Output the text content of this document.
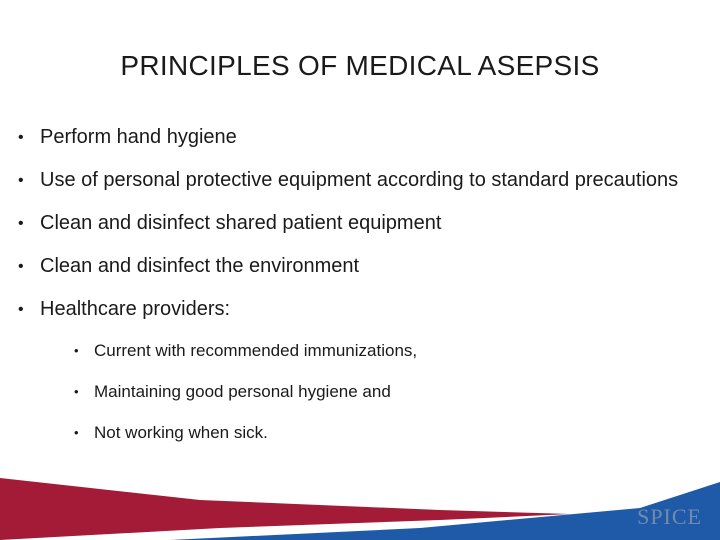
PRINCIPLES OF MEDICAL ASEPSIS
• Perform hand hygiene
• Use of personal protective equipment according to standard precautions
• Clean and disinfect shared patient equipment
• Clean and disinfect the environment
• Healthcare providers:
• Current with recommended immunizations,
• Maintaining good personal hygiene and
• Not working when sick.
SPICE
